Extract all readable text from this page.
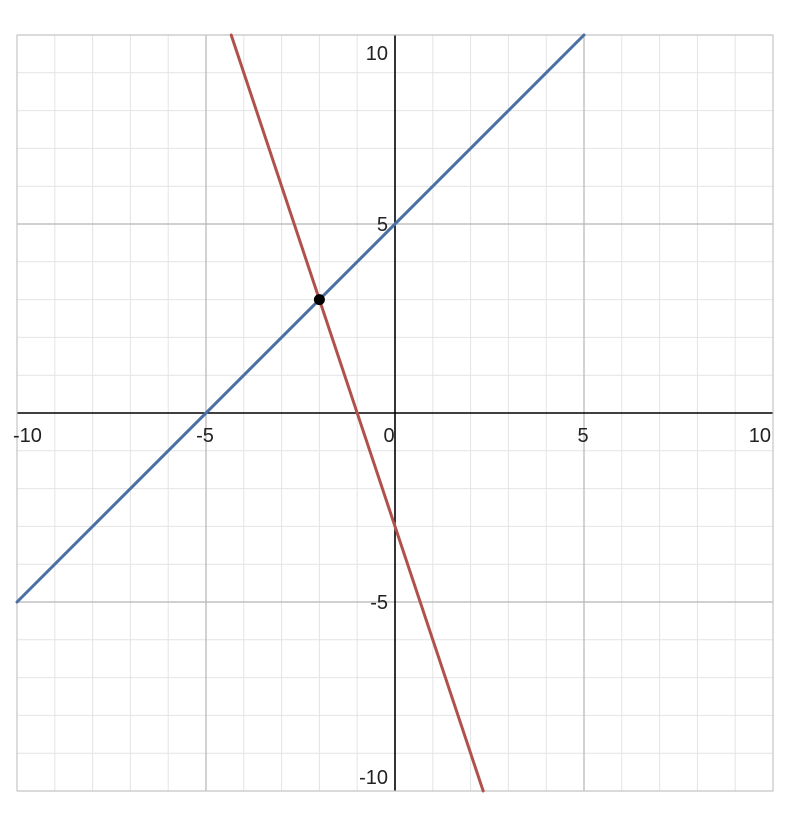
-10	-5	0	5	10
10
5
-5
-10
